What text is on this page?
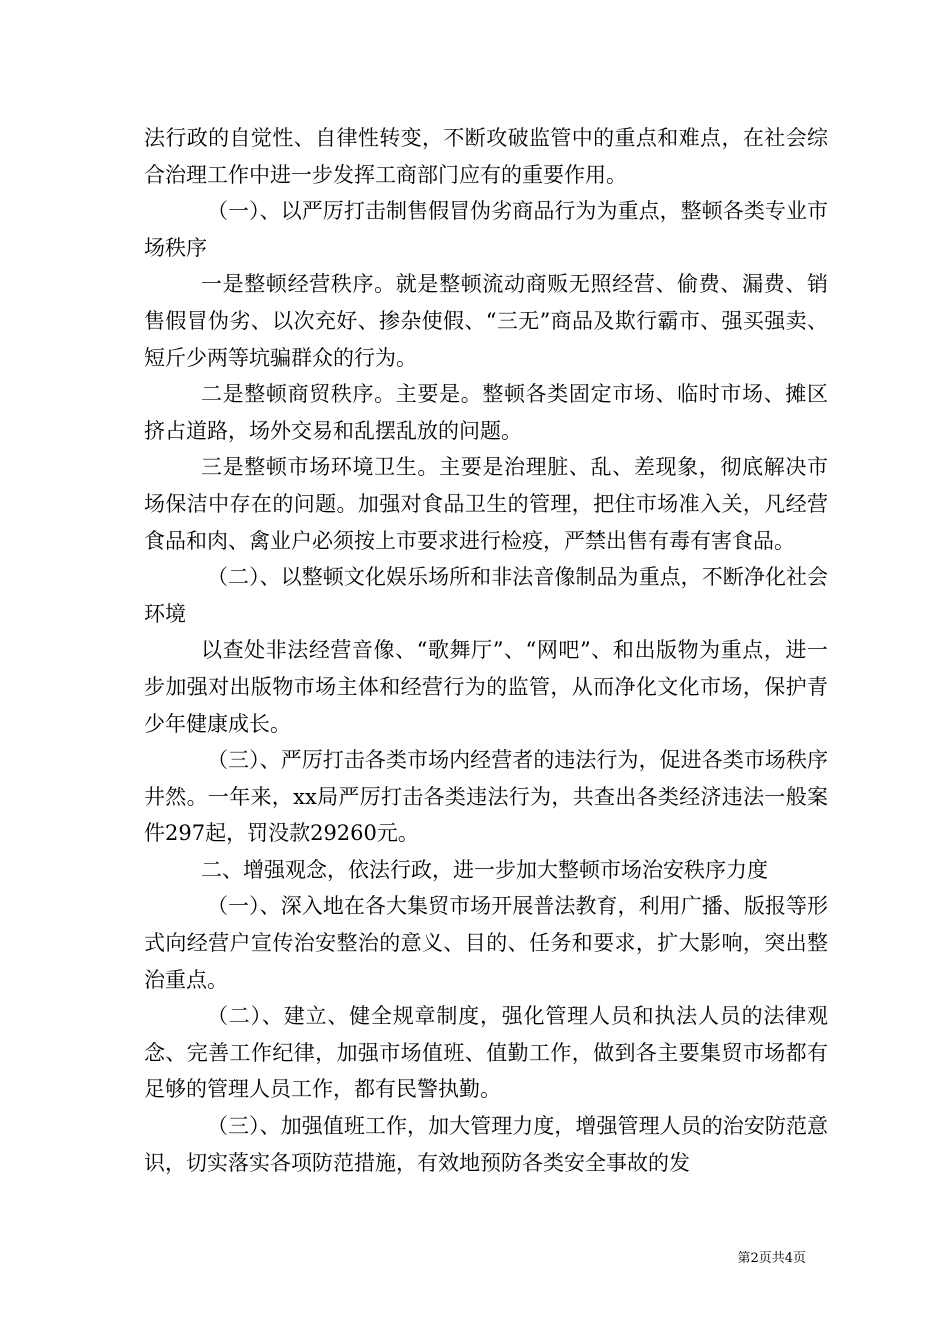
法行政的自觉性、自律性转变，不断攻破监管中的重点和难点，在社会综合治理工作中进一步发挥工商部门应有的重要作用。

（一）、以严厉打击制售假冒伪劣商品行为为重点，整顿各类专业市场秩序

一是整顿经营秩序。就是整顿流动商贩无照经营、偷费、漏费、销售假冒伪劣、以次充好、掺杂使假、“三无”商品及欺行霸市、强买强卖、短斤少两等坑骗群众的行为。

二是整顿商贸秩序。主要是。整顿各类固定市场、临时市场、摊区挤占道路，场外交易和乱摆乱放的问题。

三是整顿市场环境卫生。主要是治理脏、乱、差现象，彻底解决市场保洁中存在的问题。加强对食品卫生的管理，把住市场准入关，凡经营食品和肉、禽业户必须按上市要求进行检疫，严禁出售有毒有害食品。

（二）、以整顿文化娱乐场所和非法音像制品为重点，不断净化社会环境

以查处非法经营音像、“歌舞厅”、“网吧”、和出版物为重点，进一步加强对出版物市场主体和经营行为的监管，从而净化文化市场，保护青少年健康成长。

（三）、严厉打击各类市场内经营者的违法行为，促进各类市场秩序井然。一年来，xx局严厉打击各类违法行为，共查出各类经济违法一般案件297起，罚没款29260元。

二、增强观念，依法行政，进一步加大整顿市场治安秩序力度

（一）、深入地在各大集贸市场开展普法教育，利用广播、版报等形式向经营户宣传治安整治的意义、目的、任务和要求，扩大影响，突出整治重点。

（二）、建立、健全规章制度，强化管理人员和执法人员的法律观念、完善工作纪律，加强市场值班、值勤工作，做到各主要集贸市场都有足够的管理人员工作，都有民警执勤。

（三）、加强值班工作，加大管理力度，增强管理人员的治安防范意识，切实落实各项防范措施，有效地预防各类安全事故的发

第2页共4页
